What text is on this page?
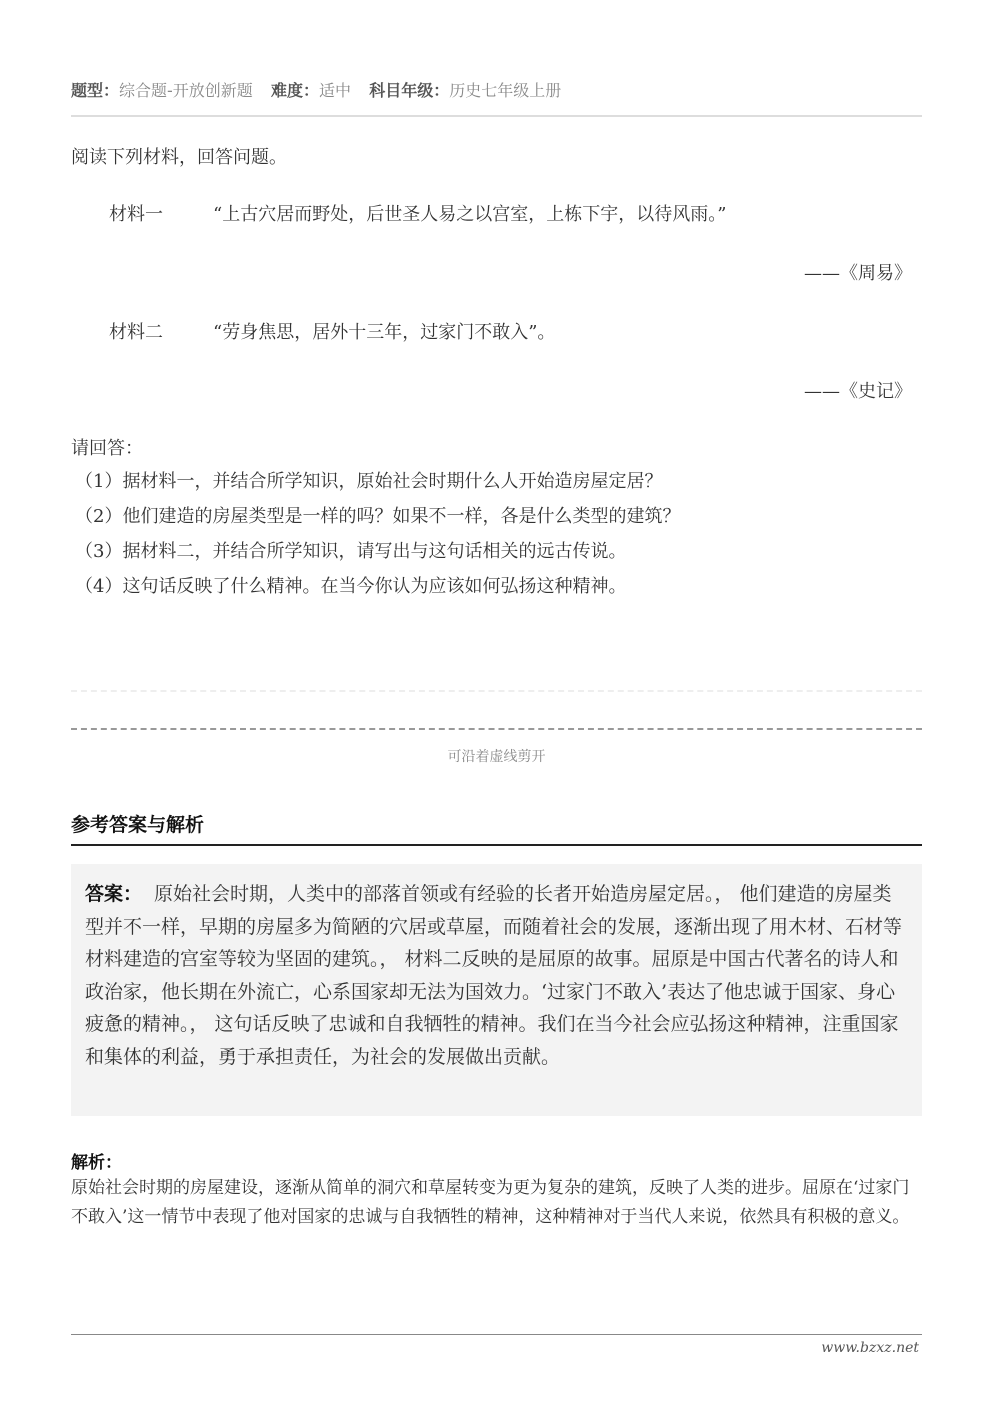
题型：综合题-开放创新题 难度：适中 科目年级：历史七年级上册
阅读下列材料，回答问题。
材料一	“上古穴居而野处，后世圣人易之以宫室，上栋下宇，以待风雨。”
——《周易》
材料二	“劳身焦思，居外十三年，过家门不敢入”。
——《史记》
请回答：
（1）据材料一，并结合所学知识，原始社会时期什么人开始造房屋定居？
（2）他们建造的房屋类型是一样的吗？如果不一样，各是什么类型的建筑？
（3）据材料二，并结合所学知识，请写出与这句话相关的远古传说。
（4）这句话反映了什么精神。在当今你认为应该如何弘扬这种精神。
可沿着虚线剪开
参考答案与解析
答案： 原始社会时期，人类中的部落首领或有经验的长者开始造房屋定居。， 他们建造的房屋类型并不一样，早期的房屋多为简陋的穴居或草屋，而随着社会的发展，逐渐出现了用木材、石材等材料建造的宫室等较为坚固的建筑。， 材料二反映的是屈原的故事。屈原是中国古代著名的诗人和政治家，他长期在外流亡，心系国家却无法为国效力。‘过家门不敢入’表达了他忠诚于国家、身心疲惫的精神。， 这句话反映了忠诚和自我牺牲的精神。我们在当今社会应弘扬这种精神，注重国家和集体的利益，勇于承担责任，为社会的发展做出贡献。
解析：
原始社会时期的房屋建设，逐渐从简单的洞穴和草屋转变为更为复杂的建筑，反映了人类的进步。屈原在‘过家门不敢入’这一情节中表现了他对国家的忠诚与自我牺牲的精神，这种精神对于当代人来说，依然具有积极的意义。
www.bzxz.net
